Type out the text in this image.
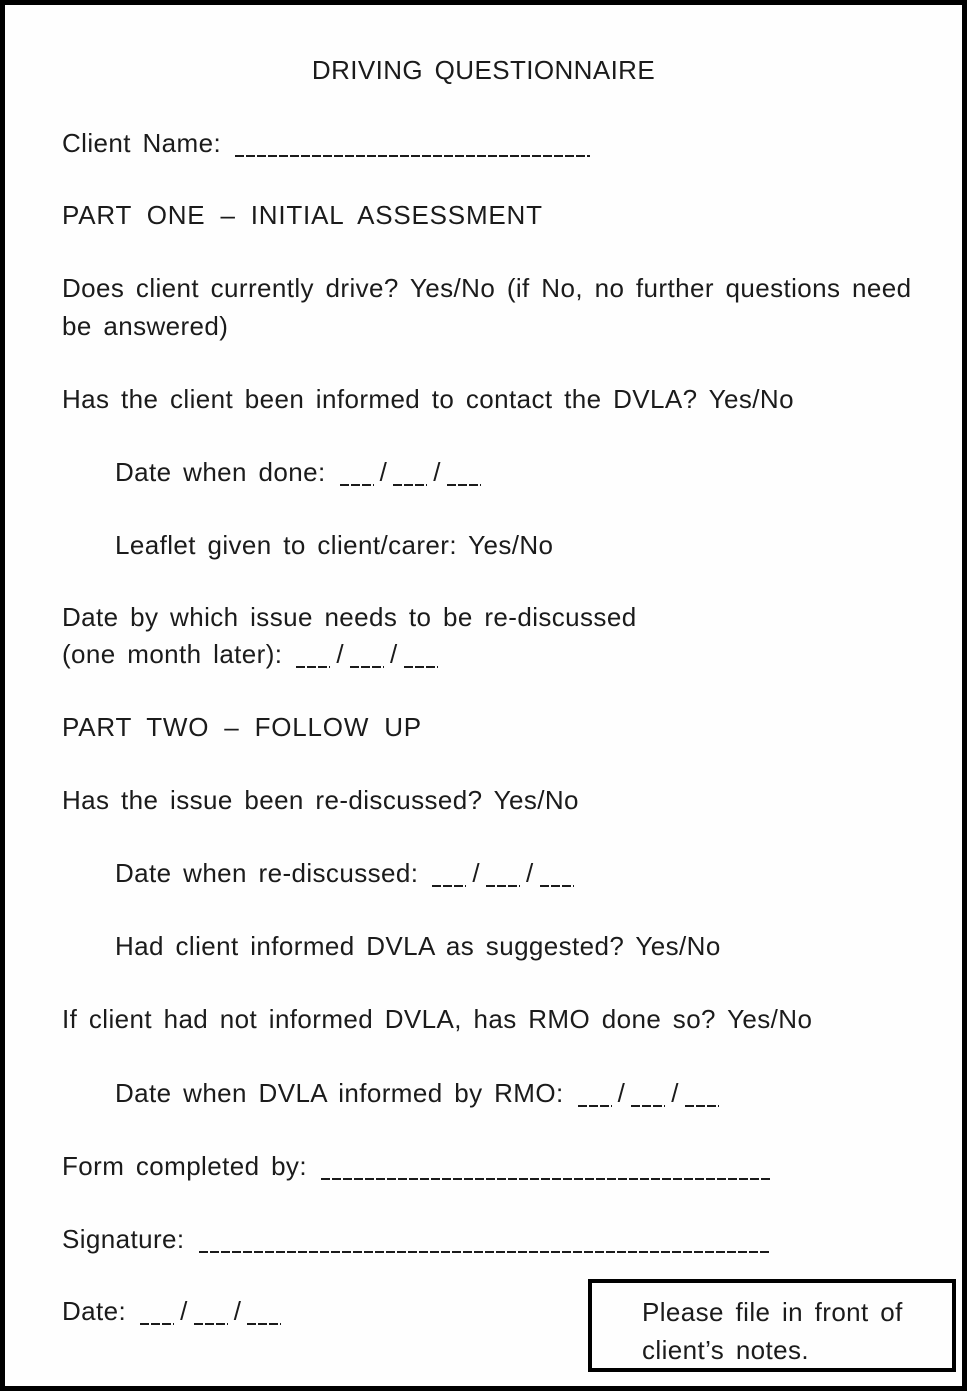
DRIVING QUESTIONNAIRE
Client Name:
PART ONE – INITIAL ASSESSMENT
Does client currently drive? Yes/No (if No, no further questions need
be answered)
Has the client been informed to contact the DVLA? Yes/No
Date when done: / /
Leaflet given to client/carer: Yes/No
Date by which issue needs to be re-discussed
(one month later): / /
PART TWO – FOLLOW UP
Has the issue been re-discussed? Yes/No
Date when re-discussed: / /
Had client informed DVLA as suggested? Yes/No
If client had not informed DVLA, has RMO done so? Yes/No
Date when DVLA informed by RMO: / /
Form completed by:
Signature:
Date: / /	Please file in front of client’s notes.
